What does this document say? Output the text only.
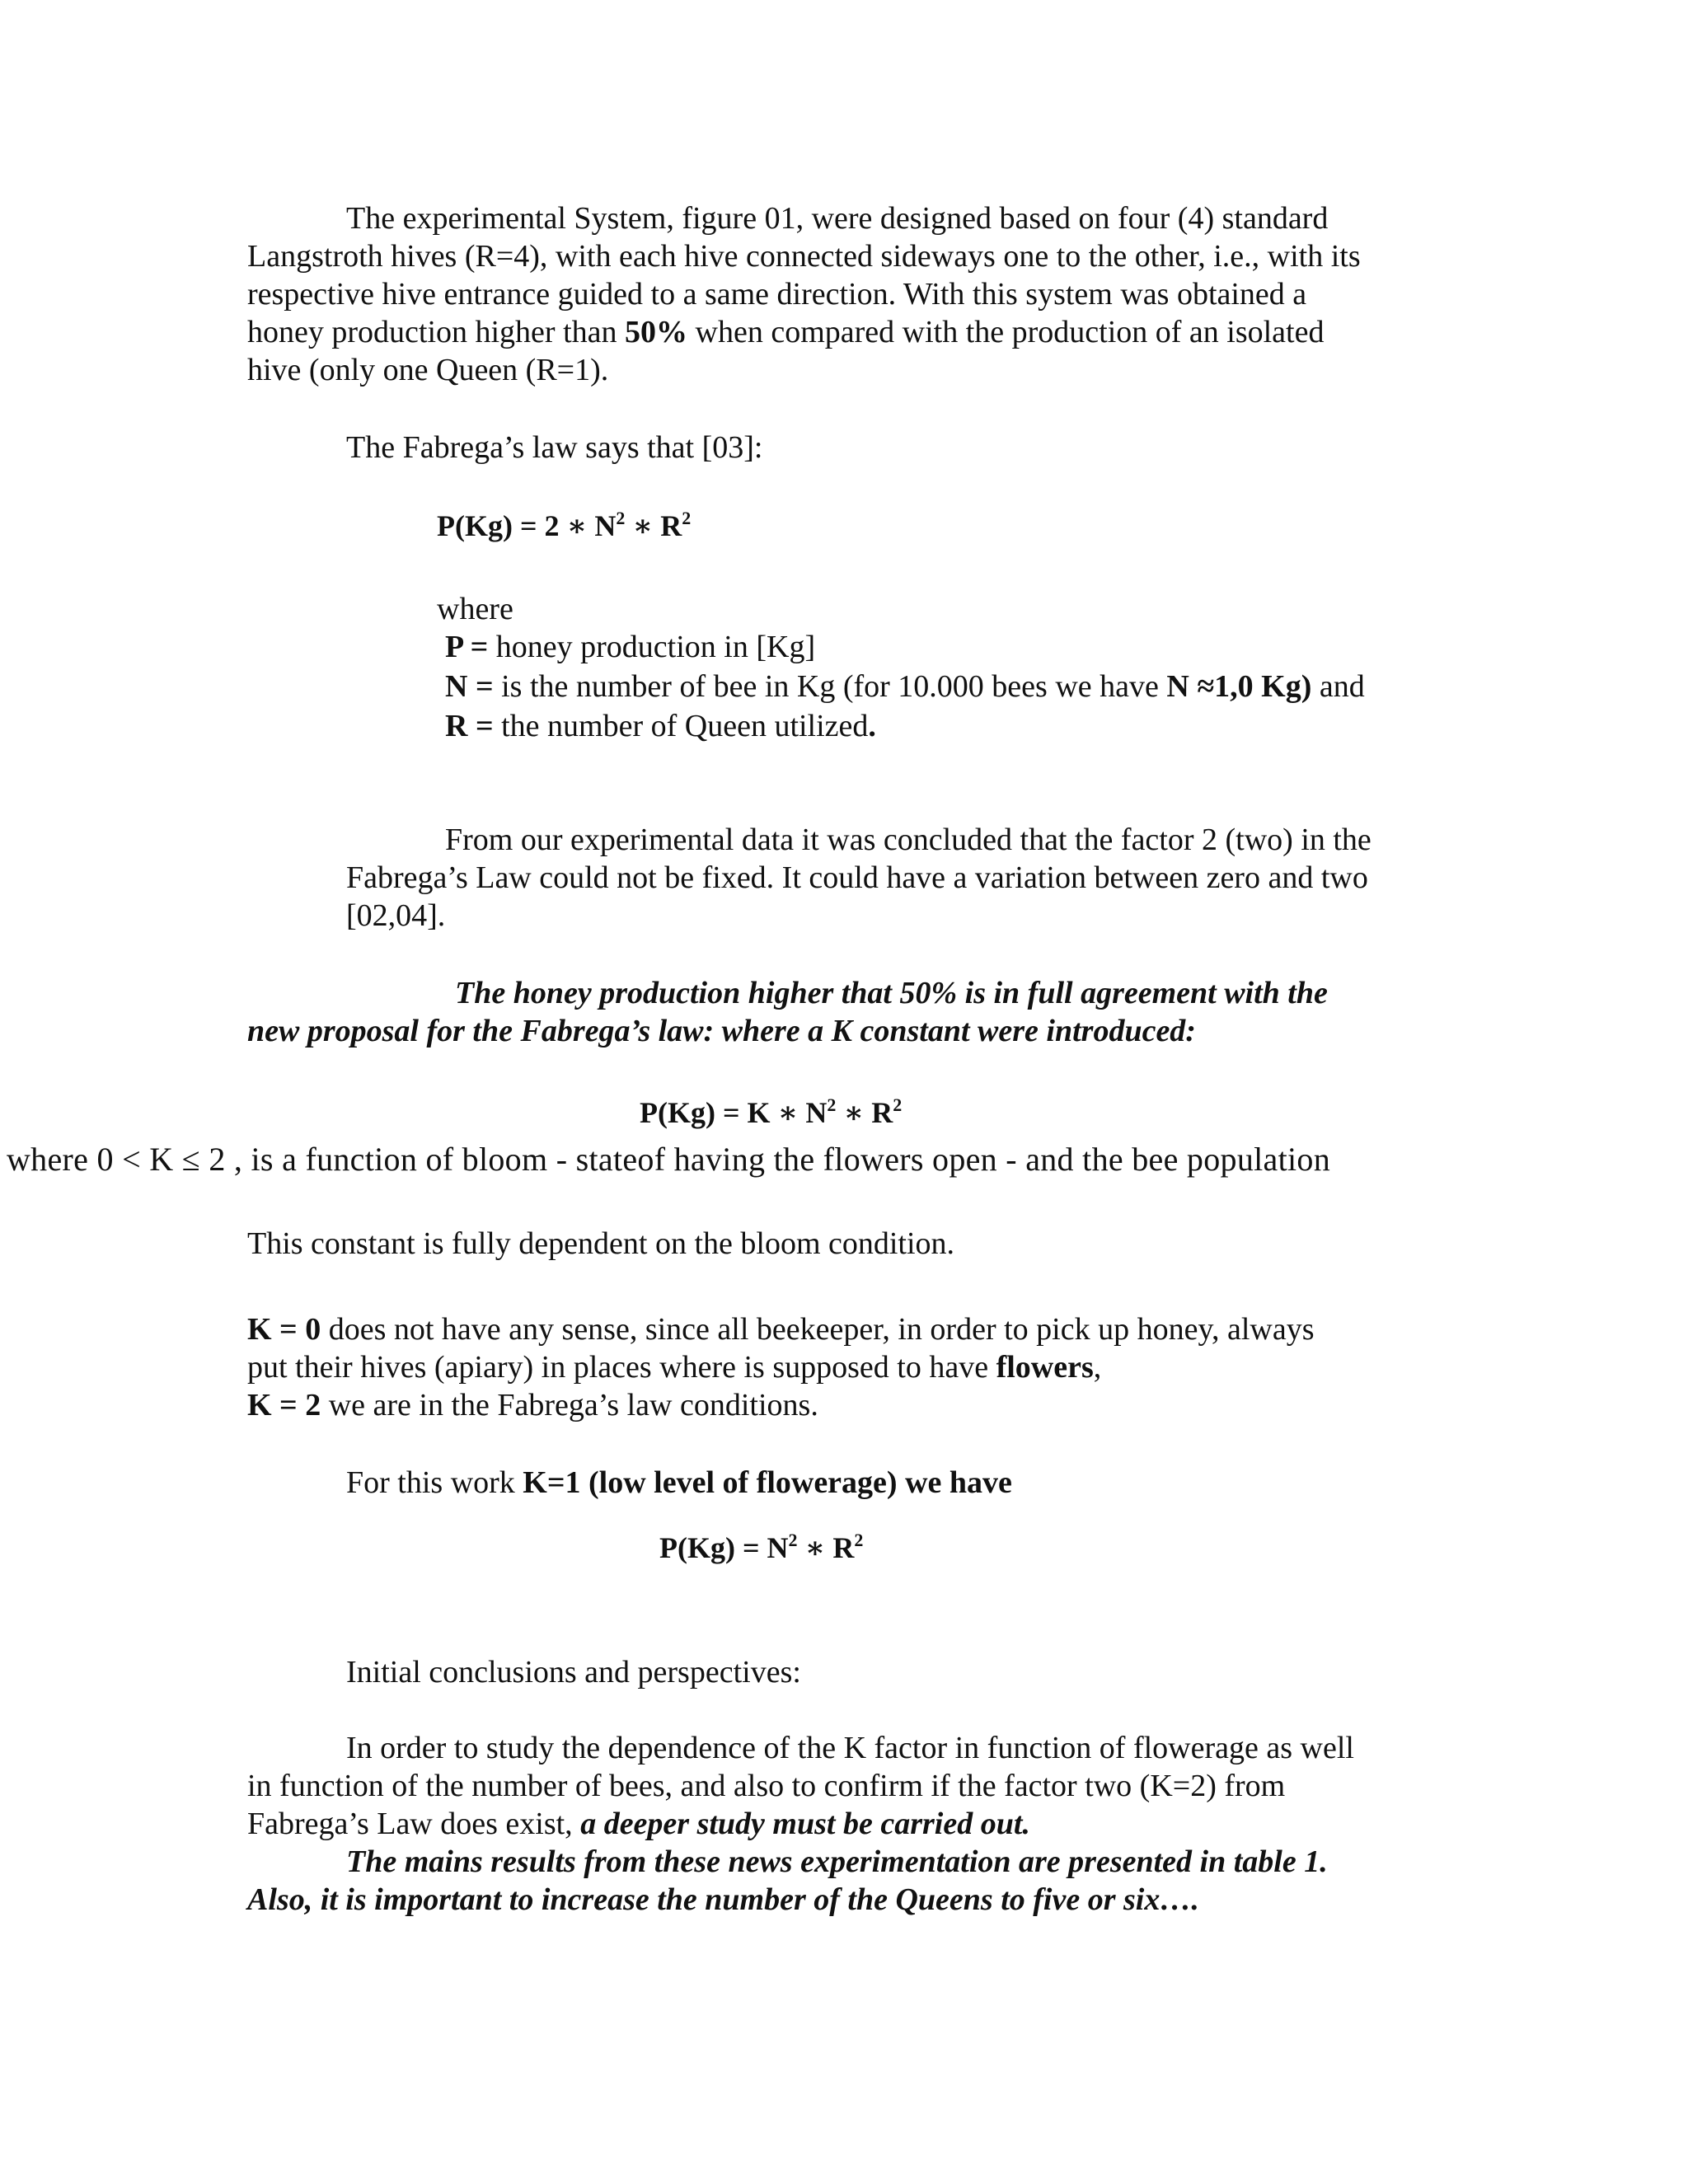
The experimental System, figure 01, were designed based on four (4) standard
Langstroth hives (R=4), with each hive connected sideways one to the other, i.e., with its
respective hive entrance guided to a same direction. With this system was obtained a
honey production higher than 50% when compared with the production of an isolated
hive (only one Queen (R=1).
The Fabrega’s law says that [03]:
P(Kg) = 2 ∗ $N^2$ ∗ $R^2$
where
P = honey production in [Kg]
N = is the number of bee in Kg (for 10.000 bees we have N ≈1,0 Kg) and
R = the number of Queen utilized.
From our experimental data it was concluded that the factor 2 (two) in the
Fabrega’s Law could not be fixed. It could have a variation between zero and two
[02,04].
The honey production higher that 50% is in full agreement with the
new proposal for the Fabrega’s law: where a K constant were introduced:
P(Kg) = K ∗ $N^2$ ∗ $R^2$
where 0 < K ≤ 2 , is a function of bloom - stateof having the flowers open - and the bee population
This constant is fully dependent on the bloom condition.
K = 0 does not have any sense, since all beekeeper, in order to pick up honey, always
put their hives (apiary) in places where is supposed to have flowers,
K = 2 we are in the Fabrega’s law conditions.
For this work K=1 (low level of flowerage) we have
$P(Kg) = N^2$ ∗ $R^2$
Initial conclusions and perspectives:
In order to study the dependence of the K factor in function of flowerage as well
in function of the number of bees, and also to confirm if the factor two (K=2) from
Fabrega’s Law does exist, a deeper study must be carried out.
The mains results from these news experimentation are presented in table 1.
Also, it is important to increase the number of the Queens to five or six….
